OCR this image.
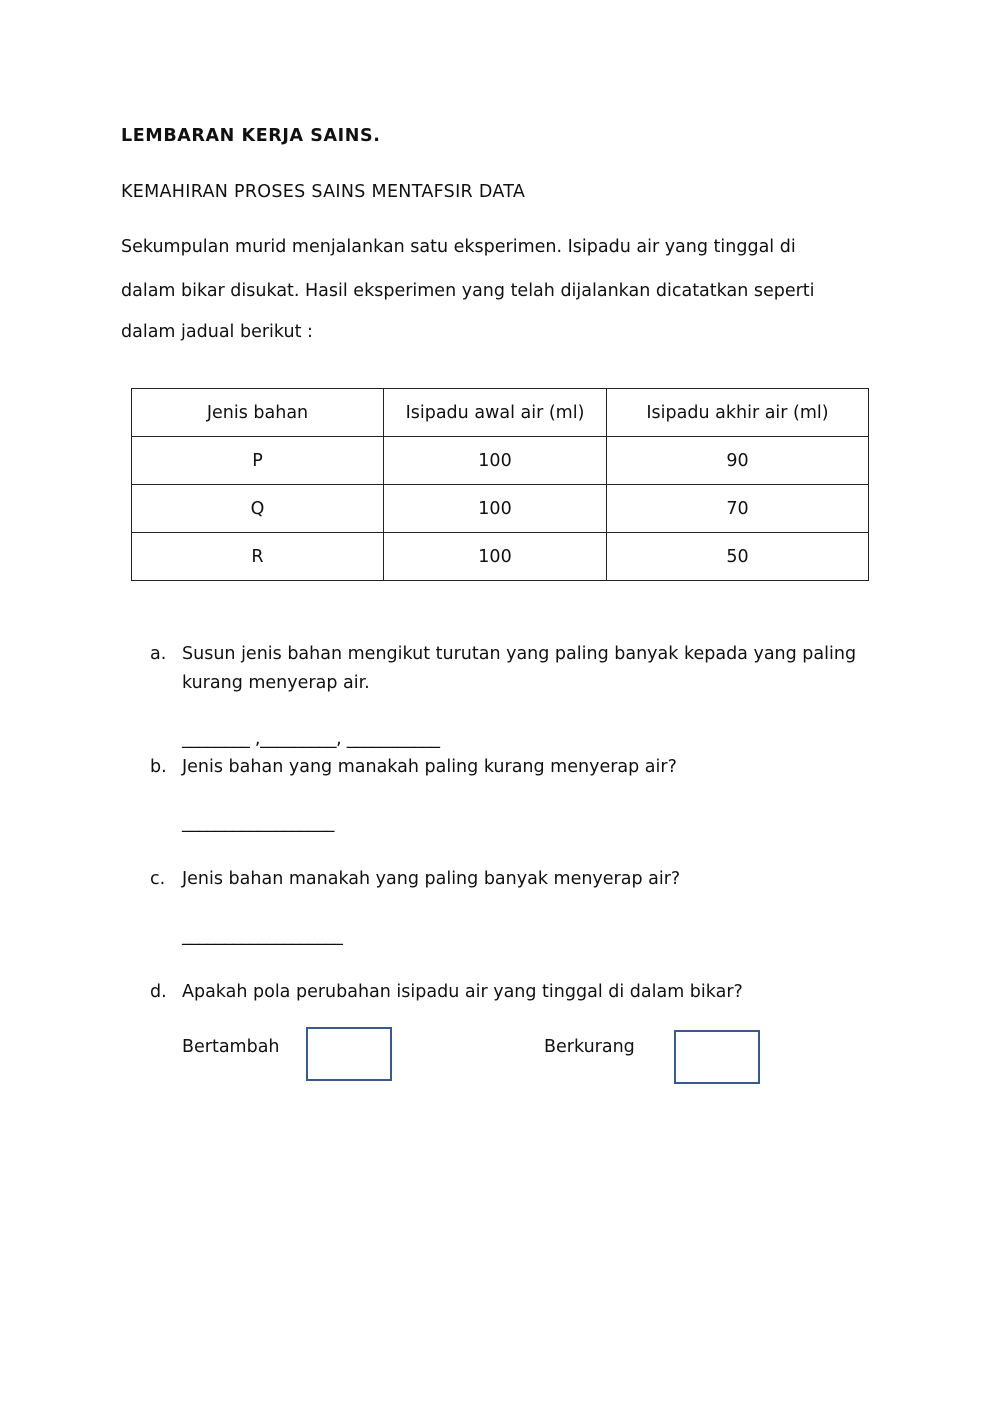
LEMBARAN KERJA SAINS.
KEMAHIRAN PROSES SAINS MENTAFSIR DATA
Sekumpulan murid menjalankan satu eksperimen. Isipadu air yang tinggal di
dalam bikar disukat. Hasil eksperimen yang telah dijalankan dicatatkan seperti
dalam jadual berikut :
Jenis bahan	Isipadu awal air (ml)	Isipadu akhir air (ml)
P	100	90
Q	100	70
R	100	50
a. Susun jenis bahan mengikut turutan yang paling banyak kepada yang paling
kurang menyerap air.
________ ,_________, ___________
b. Jenis bahan yang manakah paling kurang menyerap air?
__________________
c. Jenis bahan manakah yang paling banyak menyerap air?
___________________
d. Apakah pola perubahan isipadu air yang tinggal di dalam bikar?
Bertambah	Berkurang
